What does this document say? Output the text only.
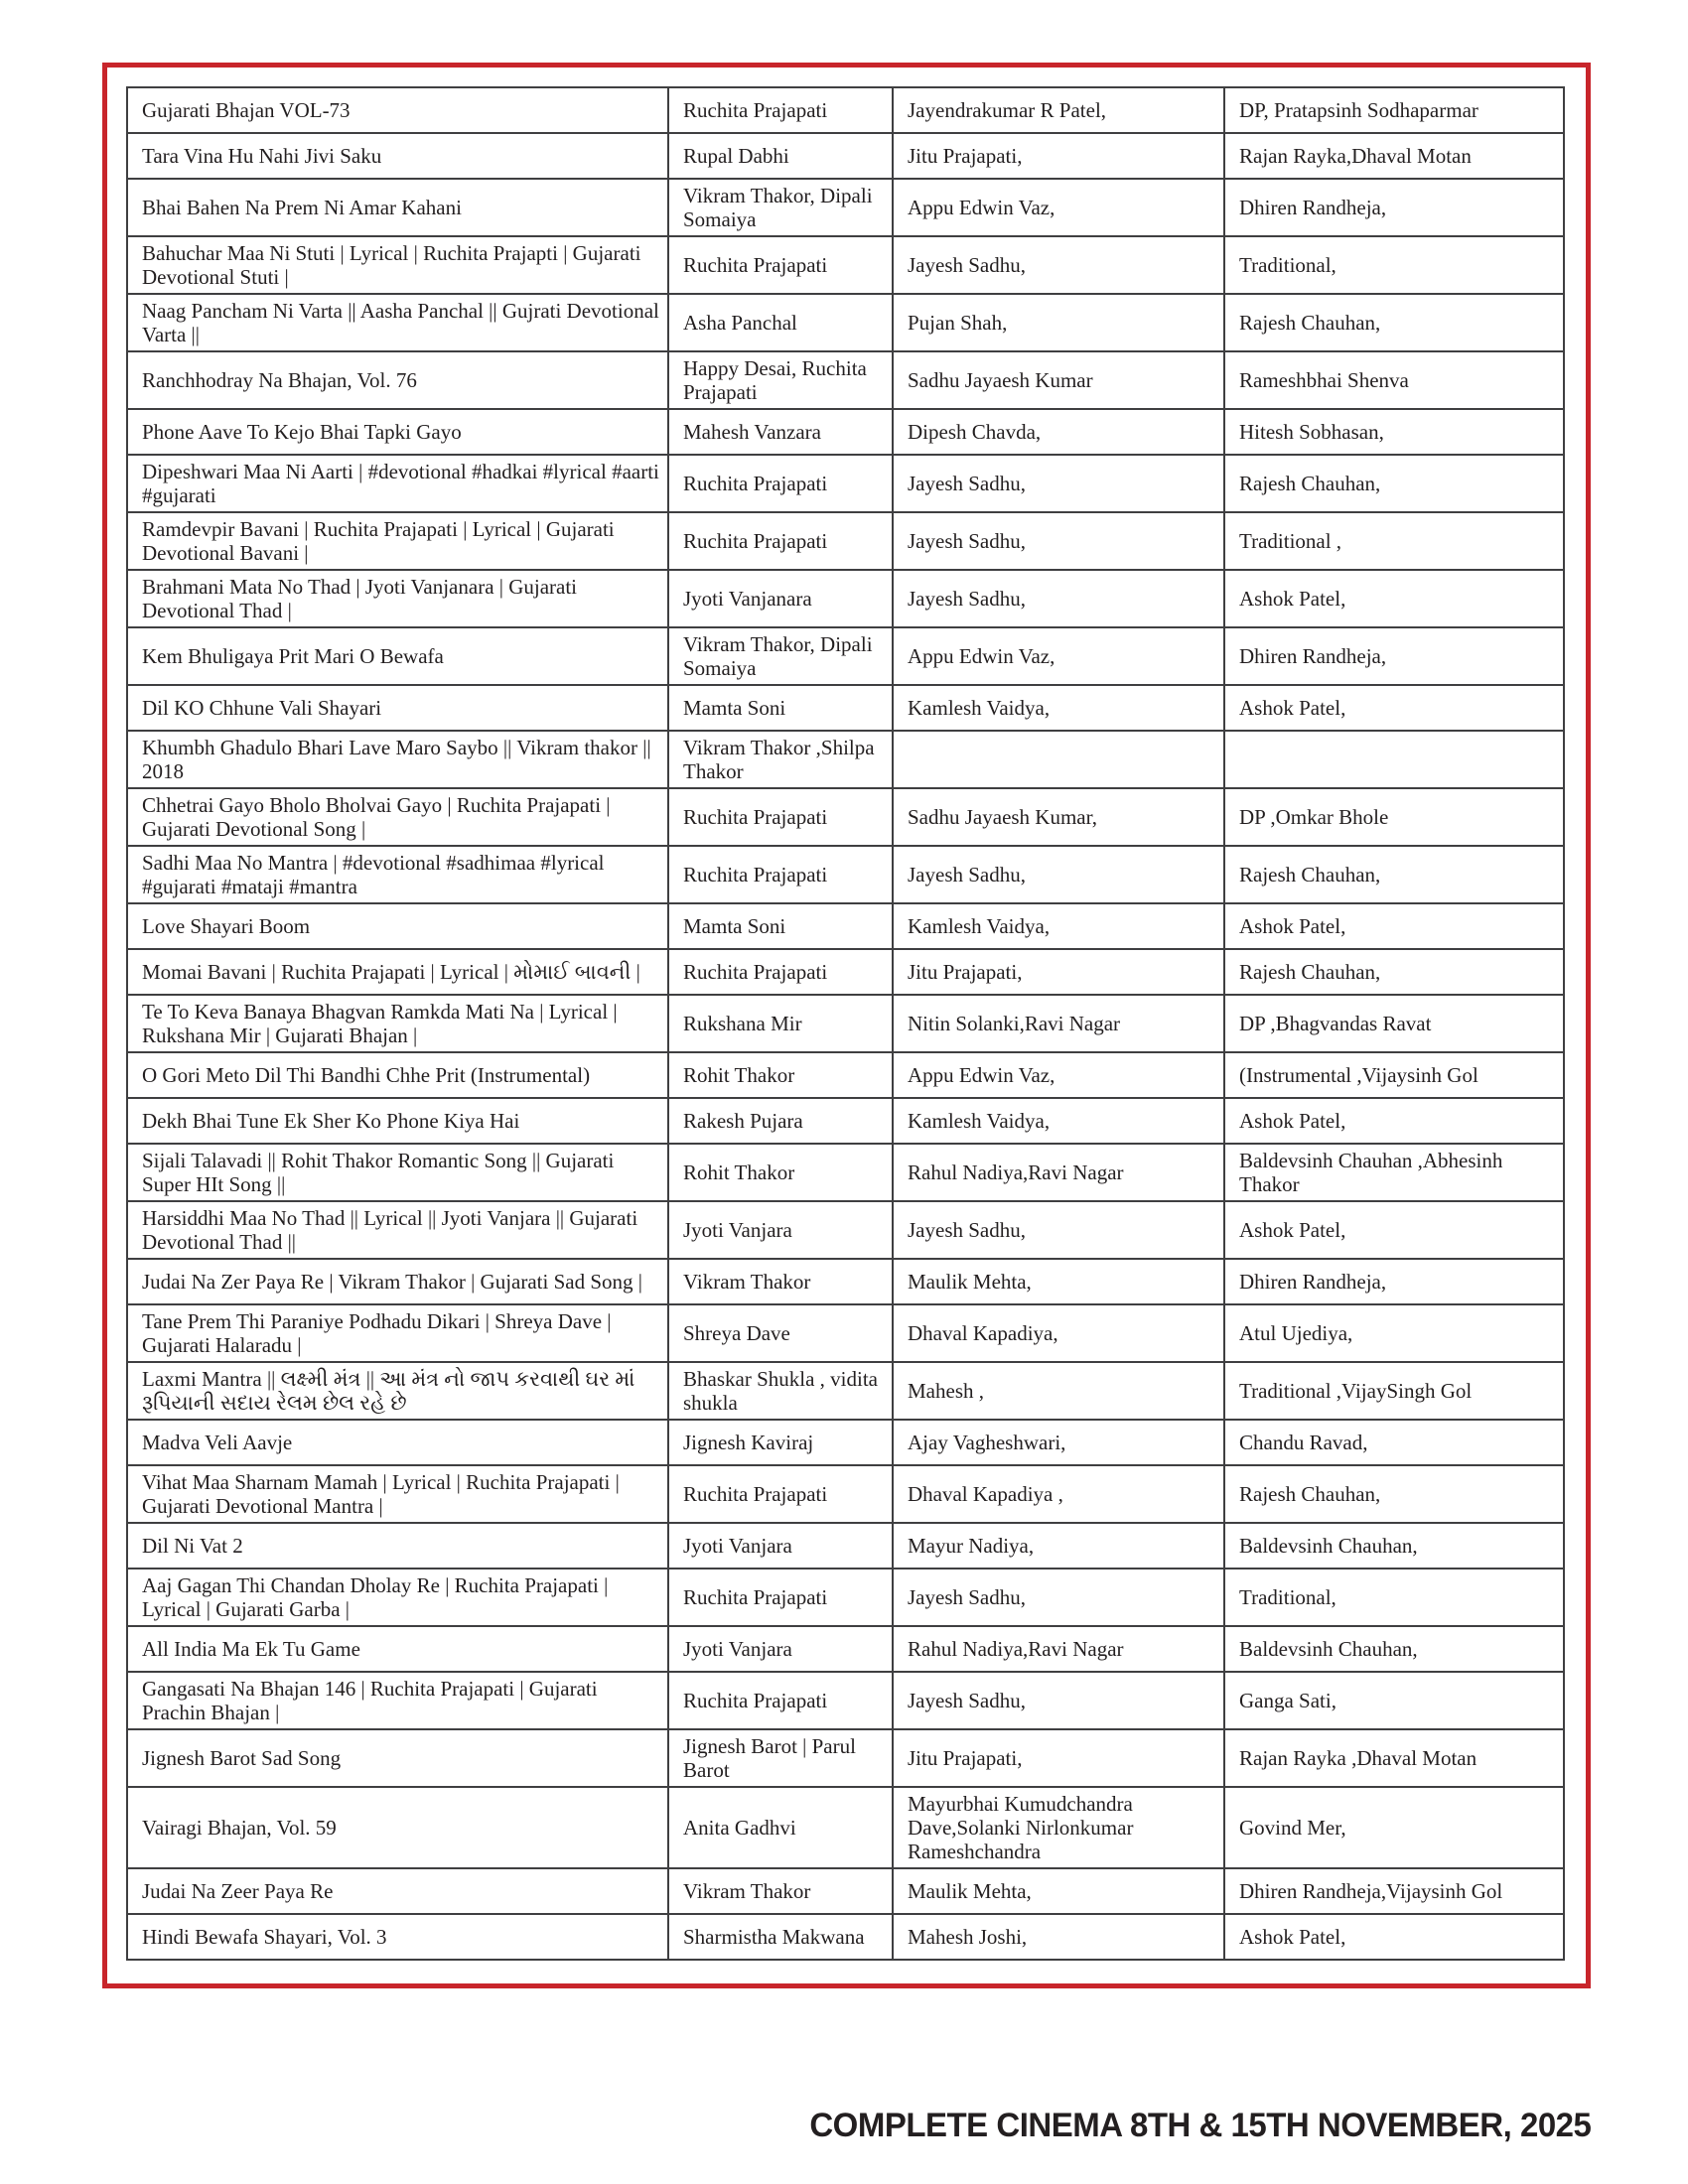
Gujarati Bhajan VOL-73	Ruchita Prajapati	Jayendrakumar R Patel,	DP, Pratapsinh Sodhaparmar
Tara Vina Hu Nahi Jivi Saku	Rupal Dabhi	Jitu Prajapati,	Rajan Rayka,Dhaval Motan
Bhai Bahen Na Prem Ni Amar Kahani	Vikram Thakor, Dipali Somaiya	Appu Edwin Vaz,	Dhiren Randheja,
Bahuchar Maa Ni Stuti | Lyrical | Ruchita Prajapti | Gujarati Devotional Stuti |	Ruchita Prajapati	Jayesh Sadhu,	Traditional,
Naag Pancham Ni Varta || Aasha Panchal || Gujrati Devotional Varta ||	Asha Panchal	Pujan Shah,	Rajesh Chauhan,
Ranchhodray Na Bhajan, Vol. 76	Happy Desai, Ruchita Prajapati	Sadhu Jayaesh Kumar	Rameshbhai Shenva
Phone Aave To Kejo Bhai Tapki Gayo	Mahesh Vanzara	Dipesh Chavda,	Hitesh Sobhasan,
Dipeshwari Maa Ni Aarti | #devotional #hadkai #lyrical #aarti #gujarati	Ruchita Prajapati	Jayesh Sadhu,	Rajesh Chauhan,
Ramdevpir Bavani | Ruchita Prajapati | Lyrical | Gujarati Devotional Bavani |	Ruchita Prajapati	Jayesh Sadhu,	Traditional ,
Brahmani Mata No Thad | Jyoti Vanjanara | Gujarati Devotional Thad |	Jyoti Vanjanara	Jayesh Sadhu,	Ashok Patel,
Kem Bhuligaya Prit Mari O Bewafa	Vikram Thakor, Dipali Somaiya	Appu Edwin Vaz,	Dhiren Randheja,
Dil KO Chhune Vali Shayari	Mamta Soni	Kamlesh Vaidya,	Ashok Patel,
Khumbh Ghadulo Bhari Lave Maro Saybo || Vikram thakor || 2018	Vikram Thakor ,Shilpa Thakor		
Chhetrai Gayo Bholo Bholvai Gayo | Ruchita Prajapati | Gujarati Devotional Song |	Ruchita Prajapati	Sadhu Jayaesh Kumar,	DP ,Omkar Bhole
Sadhi Maa No Mantra | #devotional #sadhimaa #lyrical #gujarati #mataji #mantra	Ruchita Prajapati	Jayesh Sadhu,	Rajesh Chauhan,
Love Shayari Boom	Mamta Soni	Kamlesh Vaidya,	Ashok Patel,
Momai Bavani | Ruchita Prajapati | Lyrical | મોમાઈ બાવની |	Ruchita Prajapati	Jitu Prajapati,	Rajesh Chauhan,
Te To Keva Banaya Bhagvan Ramkda Mati Na | Lyrical | Rukshana Mir | Gujarati Bhajan |	Rukshana Mir	Nitin Solanki,Ravi Nagar	DP ,Bhagvandas Ravat
O Gori Meto Dil Thi Bandhi Chhe Prit (Instrumental)	Rohit Thakor	Appu Edwin Vaz,	(Instrumental ,Vijaysinh Gol
Dekh Bhai Tune Ek Sher Ko Phone Kiya Hai	Rakesh Pujara	Kamlesh Vaidya,	Ashok Patel,
Sijali Talavadi || Rohit Thakor Romantic Song || Gujarati Super HIt Song ||	Rohit Thakor	Rahul Nadiya,Ravi Nagar	Baldevsinh Chauhan ,Abhesinh Thakor
Harsiddhi Maa No Thad || Lyrical || Jyoti Vanjara || Gujarati Devotional Thad ||	Jyoti Vanjara	Jayesh Sadhu,	Ashok Patel,
Judai Na Zer Paya Re | Vikram Thakor | Gujarati Sad Song |	Vikram Thakor	Maulik Mehta,	Dhiren Randheja,
Tane Prem Thi Paraniye Podhadu Dikari | Shreya Dave | Gujarati Halaradu |	Shreya Dave	Dhaval Kapadiya,	Atul Ujediya,
Laxmi Mantra || લક્ષ્મી મંત્ર || આ મંત્ર નો જાપ કરવાથી ઘર માં રૂપિયાની સદાય રેલમ છેલ રહે છે	Bhaskar Shukla , vidita shukla	Mahesh ,	Traditional ,VijaySingh Gol
Madva Veli Aavje	Jignesh Kaviraj	Ajay Vagheshwari,	Chandu Ravad,
Vihat Maa Sharnam Mamah | Lyrical | Ruchita Prajapati | Gujarati Devotional Mantra |	Ruchita Prajapati	Dhaval Kapadiya ,	Rajesh Chauhan,
Dil Ni Vat 2	Jyoti Vanjara	Mayur Nadiya,	Baldevsinh Chauhan,
Aaj Gagan Thi Chandan Dholay Re | Ruchita Prajapati | Lyrical | Gujarati Garba |	Ruchita Prajapati	Jayesh Sadhu,	Traditional,
All India Ma Ek Tu Game	Jyoti Vanjara	Rahul Nadiya,Ravi Nagar	Baldevsinh Chauhan,
Gangasati Na Bhajan 146 | Ruchita Prajapati | Gujarati Prachin Bhajan |	Ruchita Prajapati	Jayesh Sadhu,	Ganga Sati,
Jignesh Barot Sad Song	Jignesh Barot | Parul Barot	Jitu Prajapati,	Rajan Rayka ,Dhaval Motan
Vairagi Bhajan, Vol. 59	Anita Gadhvi	Mayurbhai Kumudchandra Dave,Solanki Nirlonkumar Rameshchandra	Govind Mer,
Judai Na Zeer Paya Re	Vikram Thakor	Maulik Mehta,	Dhiren Randheja,Vijaysinh Gol
Hindi Bewafa Shayari, Vol. 3	Sharmistha Makwana	Mahesh Joshi,	Ashok Patel,
COMPLETE CINEMA 8TH & 15TH NOVEMBER, 2025
